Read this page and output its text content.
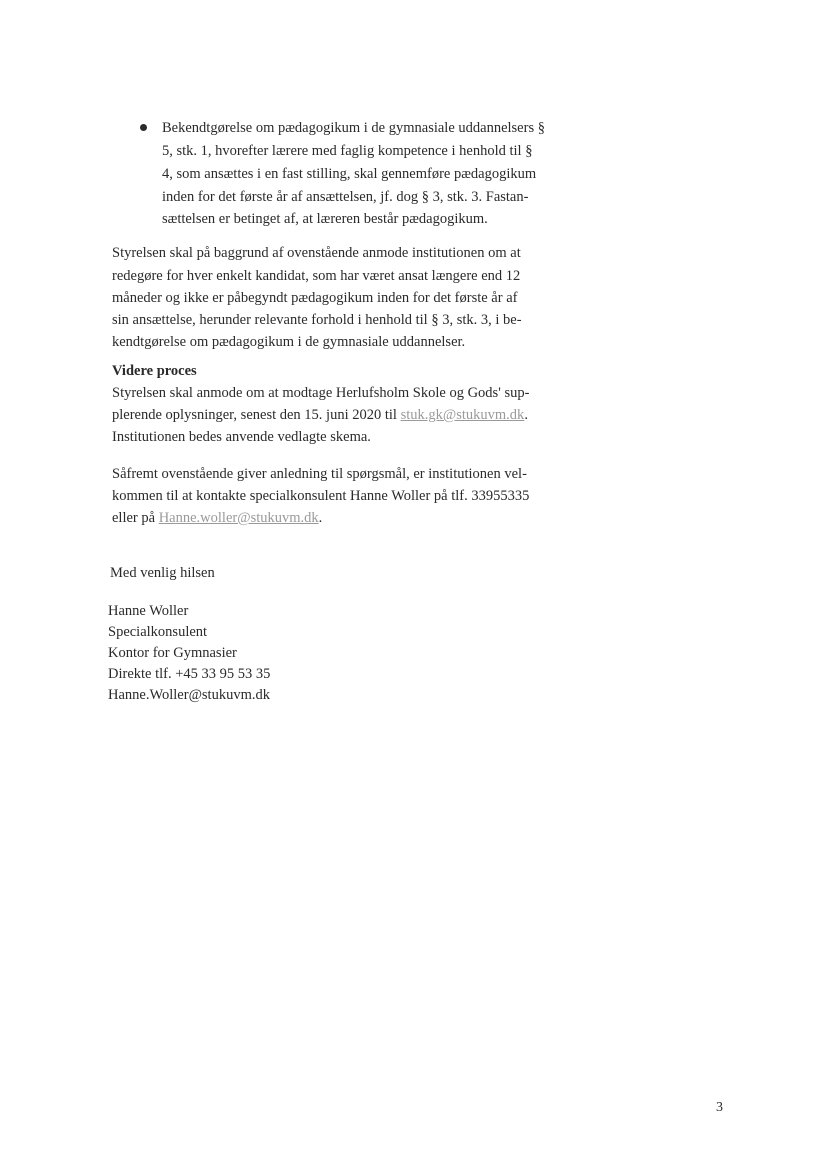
Bekendtgørelse om pædagogikum i de gymnasiale uddannelsers §
5, stk. 1, hvorefter lærere med faglig kompetence i henhold til §
4, som ansættes i en fast stilling, skal gennemføre pædagogikum
inden for det første år af ansættelsen, jf. dog § 3, stk. 3. Fastan-
sættelsen er betinget af, at læreren består pædagogikum.
Styrelsen skal på baggrund af ovenstående anmode institutionen om at
redegøre for hver enkelt kandidat, som har været ansat længere end 12
måneder og ikke er påbegyndt pædagogikum inden for det første år af
sin ansættelse, herunder relevante forhold i henhold til § 3, stk. 3, i be-
kendtgørelse om pædagogikum i de gymnasiale uddannelser.
Videre proces
Styrelsen skal anmode om at modtage Herlufsholm Skole og Gods' sup-
plerende oplysninger, senest den 15. juni 2020 til stuk.gk@stukuvm.dk.
Institutionen bedes anvende vedlagte skema.
Såfremt ovenstående giver anledning til spørgsmål, er institutionen vel-
kommen til at kontakte specialkonsulent Hanne Woller på tlf. 33955335
eller på Hanne.woller@stukuvm.dk.
Med venlig hilsen
Hanne Woller
Specialkonsulent
Kontor for Gymnasier
Direkte tlf. +45 33 95 53 35
Hanne.Woller@stukuvm.dk
3
